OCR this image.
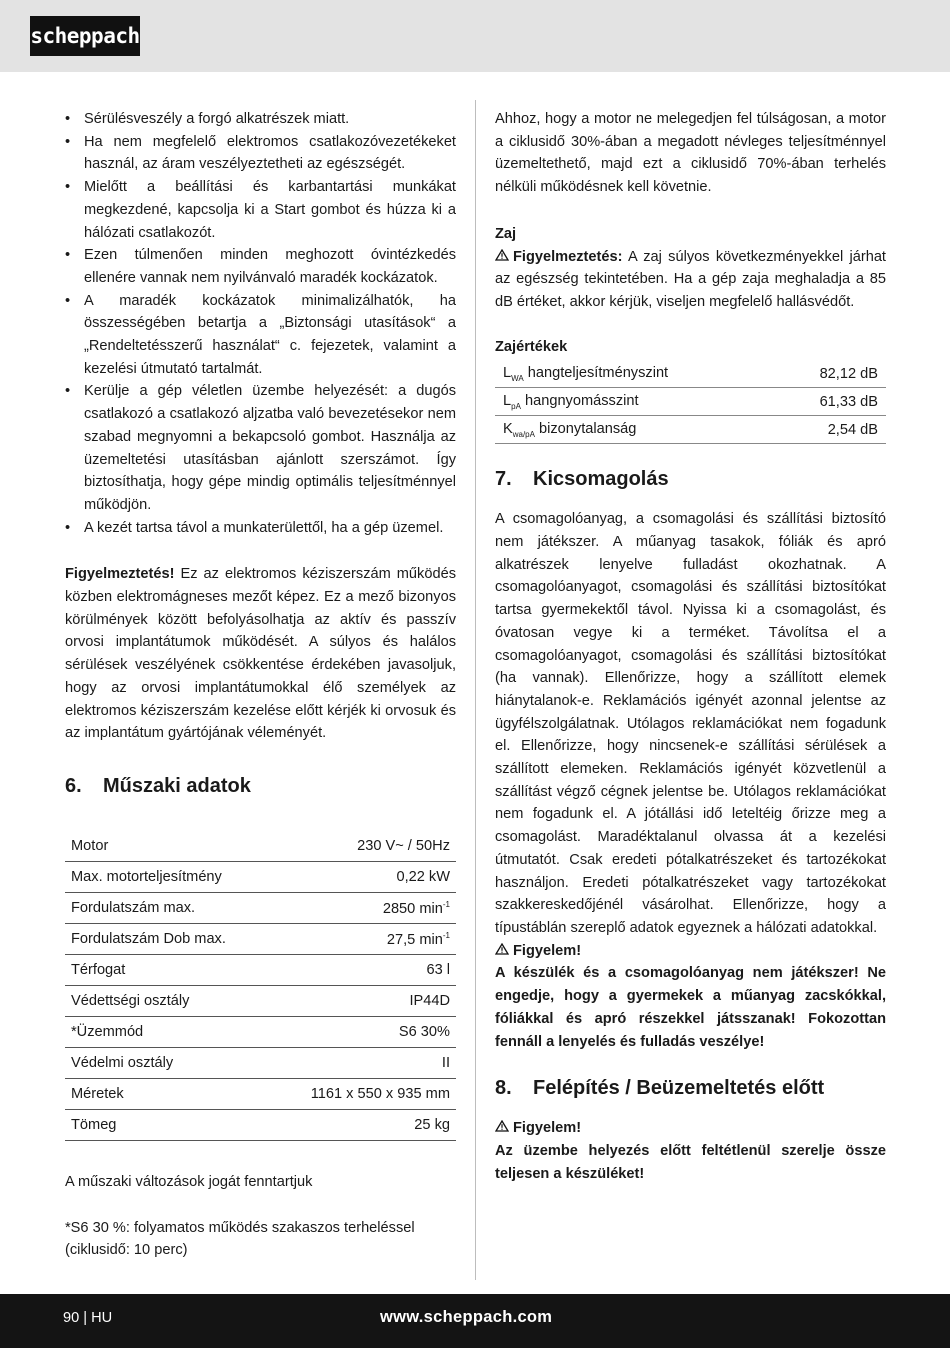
scheppach
• Sérülésveszély a forgó alkatrészek miatt.
• Ha nem megfelelő elektromos csatlakozóvezetékeket használ, az áram veszélyeztetheti az egészségét.
• Mielőtt a beállítási és karbantartási munkákat megkezdené, kapcsolja ki a Start gombot és húzza ki a hálózati csatlakozót.
• Ezen túlmenően minden meghozott óvintézkedés ellenére vannak nem nyilvánvaló maradék kockázatok.
• A maradék kockázatok minimalizálhatók, ha összességében betartja a „Biztonsági utasítások“ a „Rendeltetésszerű használat“ c. fejezetek, valamint a kezelési útmutató tartalmát.
• Kerülje a gép véletlen üzembe helyezését: a dugós csatlakozó a csatlakozó aljzatba való bevezetésekor nem szabad megnyomni a bekapcsoló gombot. Használja az üzemeltetési utasításban ajánlott szerszámot. Így biztosíthatja, hogy gépe mindig optimális teljesítménnyel működjön.
• A kezét tartsa távol a munkaterülettől, ha a gép üzemel.

Figyelmeztetés! Ez az elektromos kéziszerszám működés közben elektromágneses mezőt képez. Ez a mező bizonyos körülmények között befolyásolhatja az aktív és passzív orvosi implantátumok működését. A súlyos és halálos sérülések veszélyének csökkentése érdekében javasoljuk, hogy az orvosi implantátumokkal élő személyek az elektromos kéziszerszám kezelése előtt kérjék ki orvosuk és az implantátum gyártójának véleményét.

6.	Műszaki adatok
Motor	230 V~ / 50Hz
Max. motorteljesítmény	0,22 kW
Fordulatszám max.	2850 $\min^{-1}$
Fordulatszám Dob max.	27,5 $\min^{-1}$
Térfogat	63 l
Védettségi osztály	IP44D
*Üzemmód	S6 30%
Védelmi osztály	II
Méretek	1161 x 550 x 935 mm
Tömeg	25 kg

A műszaki változások jogát fenntartjuk

*S6 30 %: folyamatos működés szakaszos terheléssel (ciklusidő: 10 perc)

Ahhoz, hogy a motor ne melegedjen fel túlságosan, a motor a ciklusidő 30%-ában a megadott névleges teljesítménnyel üzemeltethető, majd ezt a ciklusidő 70%-ában terhelés nélküli működésnek kell követnie.

Zaj

Figyelmeztetés: A zaj súlyos következményekkel járhat az egészség tekintetében. Ha a gép zaja meghaladja a 85 dB értéket, akkor kérjük, viseljen megfelelő hallásvédőt.

Zajértékek
$L_{WA}$ hangteljesítményszint	82,12 dB
$L_{pA}$ hangnyomásszint	61,33 dB
$K_{wa/pA}$ bizonytalanság	2,54 dB
7.	Kicsomagolás

A csomagolóanyag, a csomagolási és szállítási biztosító nem játékszer. A műanyag tasakok, fóliák és apró alkatrészek lenyelve fulladást okozhatnak. A csomagolóanyagot, csomagolási és szállítási biztosítókat tartsa gyermekektől távol. Nyissa ki a csomagolást, és óvatosan vegye ki a terméket. Távolítsa el a csomagolóanyagot, csomagolási és szállítási biztosítókat (ha vannak). Ellenőrizze, hogy a szállított elemek hiánytalanok-e. Reklamációs igényét azonnal jelentse az ügyfélszolgálatnak. Utólagos reklamációkat nem fogadunk el. Ellenőrizze, hogy nincsenek-e szállítási sérülések a szállított elemeken. Reklamációs igényét közvetlenül a szállítást végző cégnek jelentse be. Utólagos reklamációkat nem fogadunk el. A jótállási idő leteltéig őrizze meg a csomagolást. Maradéktalanul olvassa át a kezelési útmutatót. Csak eredeti pótalkatrészeket és tartozékokat használjon. Eredeti pótalkatrészeket vagy tartozékokat szakkereskedőjénél vásárolhat. Ellenőrizze, hogy a típustáblán szereplő adatok egyeznek a hálózati adatokkal.

Figyelem!

A készülék és a csomagolóanyag nem játékszer! Ne engedje, hogy a gyermekek a műanyag zacskókkal, fóliákkal és apró részekkel játsszanak! Fokozottan fennáll a lenyelés és fulladás veszélye!

8.	Felépítés / Beüzemeltetés előtt

Figyelem!

Az üzembe helyezés előtt feltétlenül szerelje össze teljesen a készüléket!

90 | HU	www.scheppach.com
